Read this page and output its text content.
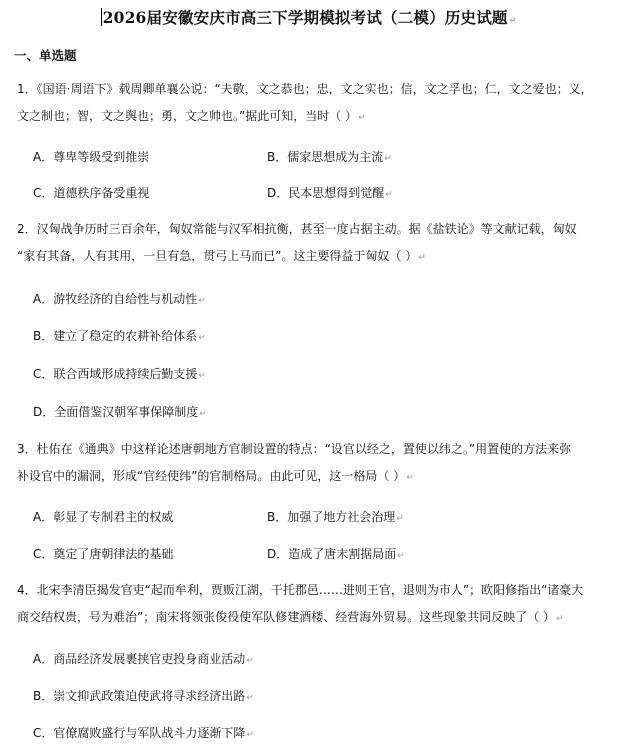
2026届安徽安庆市高三下学期模拟考试（二模）历史试题↵
一、单选题
1．《国语·周语下》载周卿单襄公说：“夫敬，文之恭也；忠，文之实也；信，文之孚也；仁，文之爱也；义，
文之制也；智，文之舆也；勇，文之帅也。”据此可知，当时（ ）↵
A．尊卑等级受到推崇	B．儒家思想成为主流↵
C．道德秩序备受重视	D．民本思想得到觉醒↵
2．汉匈战争历时三百余年，匈奴常能与汉军相抗衡，甚至一度占据主动。据《盐铁论》等文献记载，匈奴
“家有其备，人有其用，一旦有急，贯弓上马而已”。这主要得益于匈奴（ ）↵
A．游牧经济的自给性与机动性↵
B．建立了稳定的农耕补给体系↵
C．联合西域形成持续后勤支援↵
D．全面借鉴汉朝军事保障制度↵
3．杜佑在《通典》中这样论述唐朝地方官制设置的特点：“设官以经之，置使以纬之。”用置使的方法来弥
补设官中的漏洞，形成“官经使纬”的官制格局。由此可见，这一格局（ ）↵
A．彰显了专制君主的权威	B．加强了地方社会治理↵
C．奠定了唐朝律法的基础	D．造成了唐末割据局面↵
4．北宋李清臣揭发官吏“起而牟利，贾贩江湖，干托郡邑……进则王官，退则为市人”；欧阳修指出“诸豪大
商交结权贵，号为难治”；南宋将领张俊役使军队修建酒楼、经营海外贸易。这些现象共同反映了（ ）↵
A．商品经济发展裹挟官吏投身商业活动↵
B．崇文抑武政策迫使武将寻求经济出路↵
C．官僚腐败盛行与军队战斗力逐渐下降↵
